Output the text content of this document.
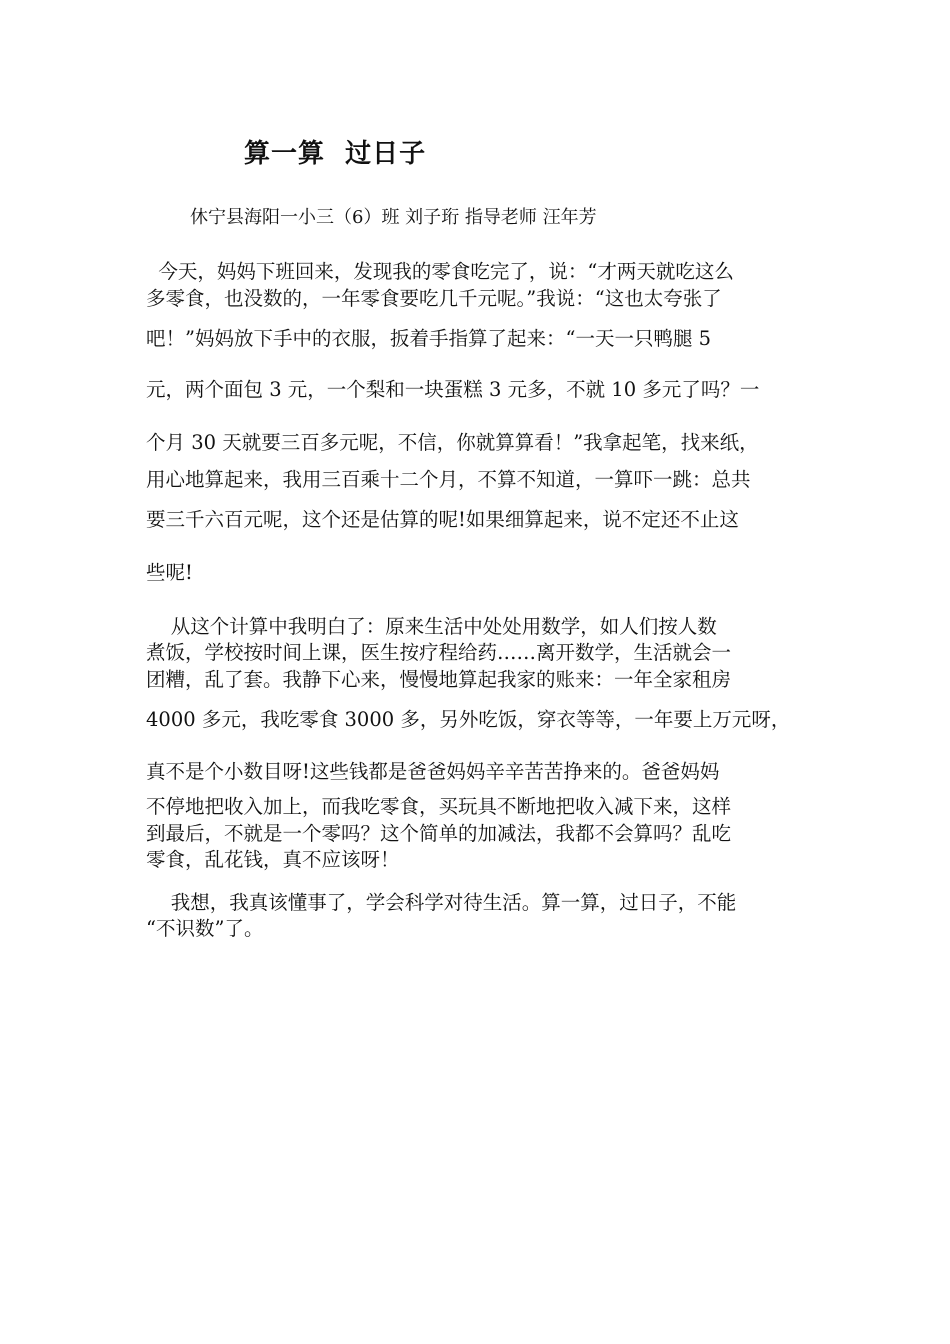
算一算  过日子

休宁县海阳一小三（6）班 刘子珩 指导老师 汪年芳

今天，妈妈下班回来，发现我的零食吃完了，说：“才两天就吃这么

多零食，也没数的，一年零食要吃几千元呢。”我说：“这也太夸张了

吧！”妈妈放下手中的衣服，扳着手指算了起来：“一天一只鸭腿 5

元，两个面包 3 元，一个梨和一块蛋糕 3 元多，不就 10 多元了吗？一

个月 30 天就要三百多元呢，不信，你就算算看！”我拿起笔，找来纸，

用心地算起来，我用三百乘十二个月，不算不知道，一算吓一跳：总共

要三千六百元呢，这个还是估算的呢!如果细算起来，说不定还不止这

些呢!

从这个计算中我明白了：原来生活中处处用数学，如人们按人数

煮饭，学校按时间上课，医生按疗程给药……离开数学，生活就会一

团糟，乱了套。我静下心来，慢慢地算起我家的账来：一年全家租房

4000 多元，我吃零食 3000 多，另外吃饭，穿衣等等，一年要上万元呀，

真不是个小数目呀!这些钱都是爸爸妈妈辛辛苦苦挣来的。爸爸妈妈

不停地把收入加上，而我吃零食，买玩具不断地把收入减下来，这样

到最后，不就是一个零吗？这个简单的加减法，我都不会算吗？乱吃

零食，乱花钱，真不应该呀！

我想，我真该懂事了，学会科学对待生活。算一算，过日子，不能

“不识数”了。
